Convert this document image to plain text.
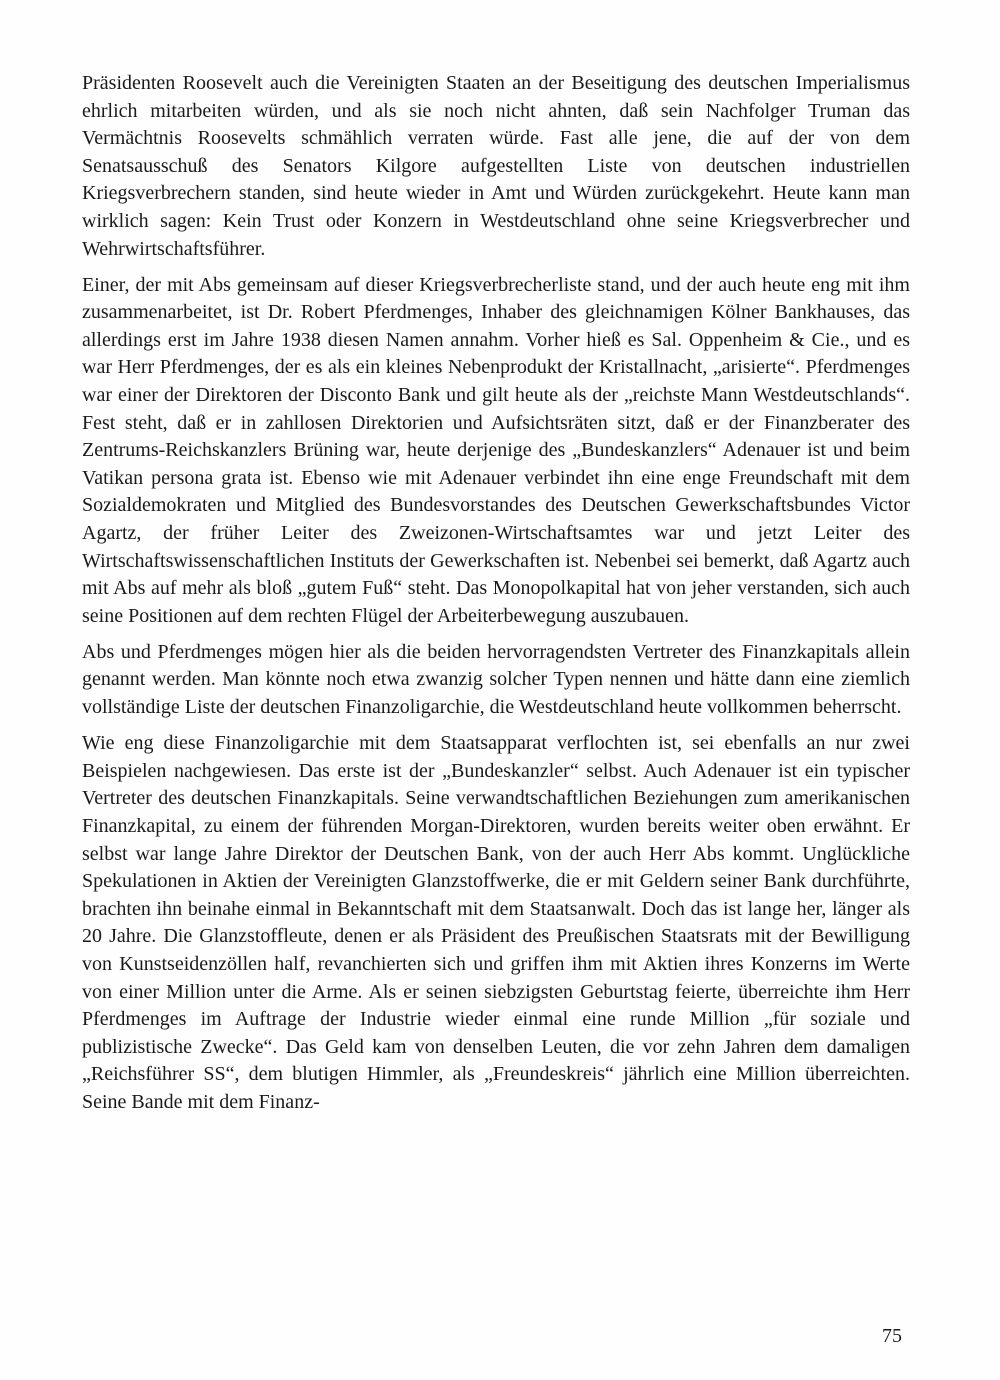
Präsidenten Roosevelt auch die Vereinigten Staaten an der Beseitigung des deutschen Imperialismus ehrlich mitarbeiten würden, und als sie noch nicht ahnten, daß sein Nachfolger Truman das Vermächtnis Roosevelts schmählich verraten würde. Fast alle jene, die auf der von dem Senatsausschuß des Senators Kilgore aufgestellten Liste von deutschen industriellen Kriegsverbrechern standen, sind heute wieder in Amt und Würden zurückgekehrt. Heute kann man wirklich sagen: Kein Trust oder Konzern in Westdeutschland ohne seine Kriegsverbrecher und Wehrwirtschaftsführer.

Einer, der mit Abs gemeinsam auf dieser Kriegsverbrecherliste stand, und der auch heute eng mit ihm zusammenarbeitet, ist Dr. Robert Pferdmenges, Inhaber des gleichnamigen Kölner Bankhauses, das allerdings erst im Jahre 1938 diesen Namen annahm. Vorher hieß es Sal. Oppenheim & Cie., und es war Herr Pferdmenges, der es als ein kleines Nebenprodukt der Kristallnacht, „arisierte“. Pferdmenges war einer der Direktoren der Disconto Bank und gilt heute als der „reichste Mann Westdeutschlands“. Fest steht, daß er in zahllosen Direktorien und Aufsichtsräten sitzt, daß er der Finanzberater des Zentrums-Reichskanzlers Brüning war, heute derjenige des „Bundeskanzlers“ Adenauer ist und beim Vatikan persona grata ist. Ebenso wie mit Adenauer verbindet ihn eine enge Freundschaft mit dem Sozialdemokraten und Mitglied des Bundesvorstandes des Deutschen Gewerkschaftsbundes Victor Agartz, der früher Leiter des Zweizonen-Wirtschaftsamtes war und jetzt Leiter des Wirtschaftswissenschaftlichen Instituts der Gewerkschaften ist. Nebenbei sei bemerkt, daß Agartz auch mit Abs auf mehr als bloß „gutem Fuß“ steht. Das Monopolkapital hat von jeher verstanden, sich auch seine Positionen auf dem rechten Flügel der Arbeiterbewegung auszubauen.

Abs und Pferdmenges mögen hier als die beiden hervorragendsten Vertreter des Finanzkapitals allein genannt werden. Man könnte noch etwa zwanzig solcher Typen nennen und hätte dann eine ziemlich vollständige Liste der deutschen Finanzoligarchie, die Westdeutschland heute vollkommen beherrscht.

Wie eng diese Finanzoligarchie mit dem Staatsapparat verflochten ist, sei ebenfalls an nur zwei Beispielen nachgewiesen. Das erste ist der „Bundeskanzler“ selbst. Auch Adenauer ist ein typischer Vertreter des deutschen Finanzkapitals. Seine verwandtschaftlichen Beziehungen zum amerikanischen Finanzkapital, zu einem der führenden Morgan-Direktoren, wurden bereits weiter oben erwähnt. Er selbst war lange Jahre Direktor der Deutschen Bank, von der auch Herr Abs kommt. Unglückliche Spekulationen in Aktien der Vereinigten Glanzstoffwerke, die er mit Geldern seiner Bank durchführte, brachten ihn beinahe einmal in Bekanntschaft mit dem Staatsanwalt. Doch das ist lange her, länger als 20 Jahre. Die Glanzstoffleute, denen er als Präsident des Preußischen Staatsrats mit der Bewilligung von Kunstseidenzöllen half, revanchierten sich und griffen ihm mit Aktien ihres Konzerns im Werte von einer Million unter die Arme. Als er seinen siebzigsten Geburtstag feierte, überreichte ihm Herr Pferdmenges im Auftrage der Industrie wieder einmal eine runde Million „für soziale und publizistische Zwecke“. Das Geld kam von denselben Leuten, die vor zehn Jahren dem damaligen „Reichsführer SS“, dem blutigen Himmler, als „Freundeskreis“ jährlich eine Million überreichten. Seine Bande mit dem Finanz-

75
